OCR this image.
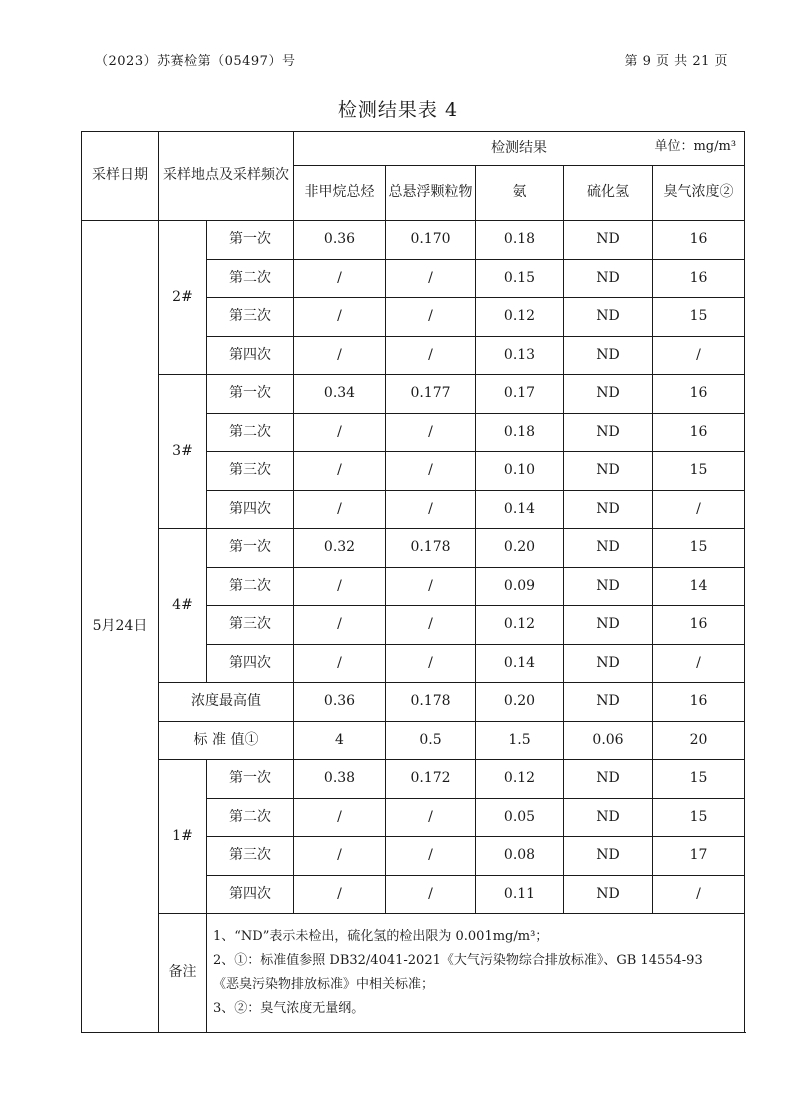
（2023）苏赛检第（05497）号	第 9 页 共 21 页
检测结果表 4
采样日期	采样地点及采样频次		检测结果 单位：mg/m³				

			非甲烷总烃	总悬浮颗粒物	氨	硫化氢	臭气浓度②
5月24日	2#	第一次	0.36	0.170	0.18	ND	16
		第二次	/	/	0.15	ND	16
		第三次	/	/	0.12	ND	15
		第四次	/	/	0.13	ND	/
	3#	第一次	0.34	0.177	0.17	ND	16
		第二次	/	/	0.18	ND	16
		第三次	/	/	0.10	ND	15
		第四次	/	/	0.14	ND	/
	4#	第一次	0.32	0.178	0.20	ND	15
		第二次	/	/	0.09	ND	14
		第三次	/	/	0.12	ND	16
		第四次	/	/	0.14	ND	/
	浓度最高值		0.36	0.178	0.20	ND	16
	标 准 值①		4	0.5	1.5	0.06	20
	1#	第一次	0.38	0.172	0.12	ND	15
		第二次	/	/	0.05	ND	15
		第三次	/	/	0.08	ND	17
		第四次	/	/	0.11	ND	/
	备注	1、“ND”表示未检出，硫化氢的检出限为 0.001mg/m³；
2、①：标准值参照 DB32/4041-2021《大气污染物综合排放标准》、GB 14554-93
《恶臭污染物排放标准》中相关标准；
3、②：臭气浓度无量纲。					
